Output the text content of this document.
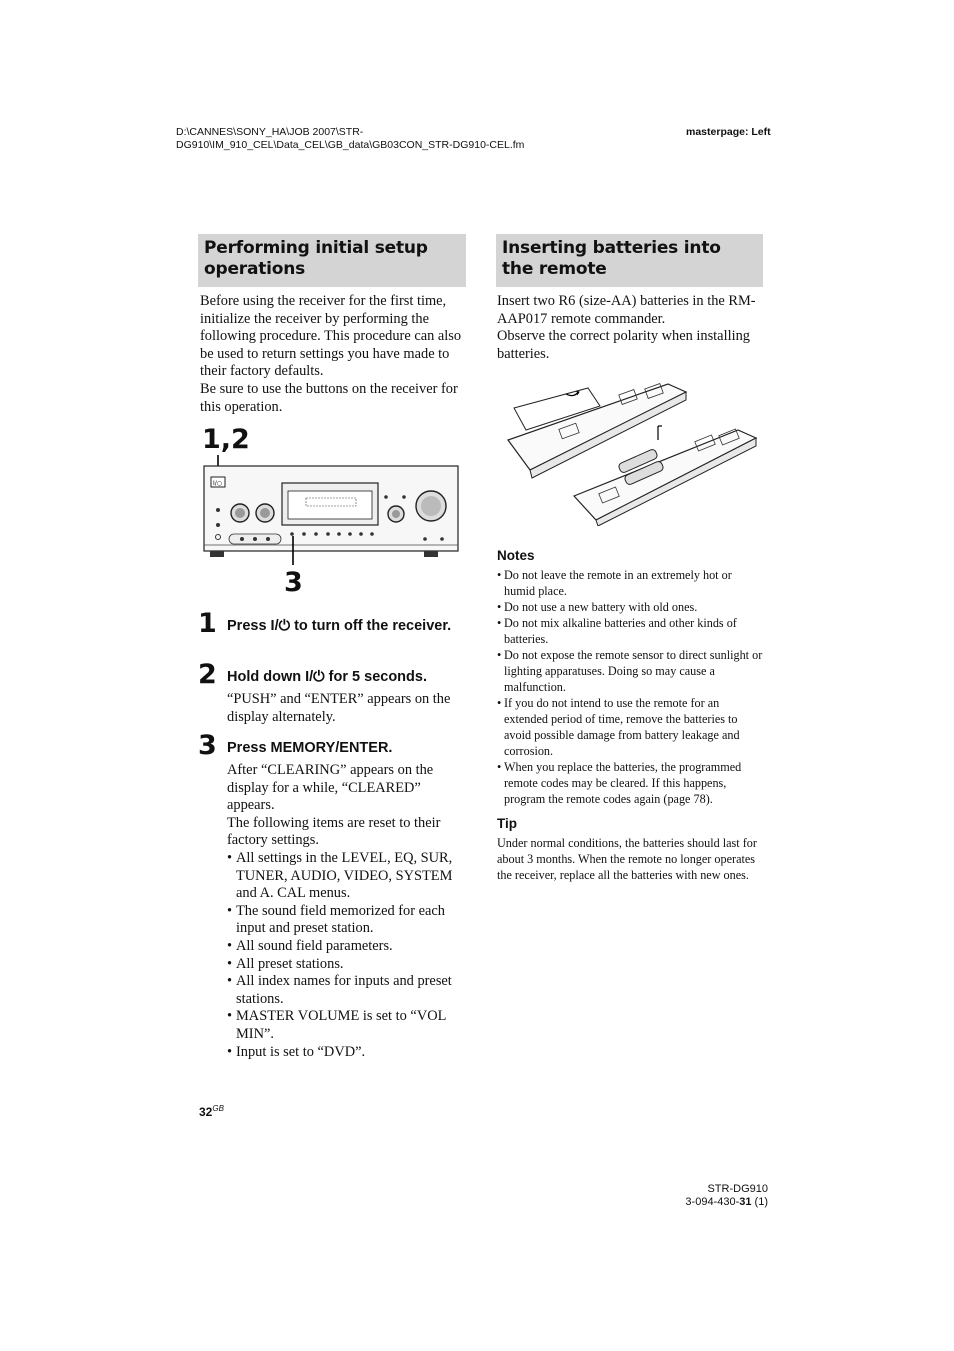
D:\CANNES\SONY_HA\JOB 2007\STR-
DG910\IM_910_CEL\Data_CEL\GB_data\GB03CON_STR-DG910-CEL.fm
masterpage: Left
Performing initial setup operations
Before using the receiver for the first time, initialize the receiver by performing the following procedure. This procedure can also be used to return settings you have made to their factory defaults.
Be sure to use the buttons on the receiver for this operation.
1,2
I/○
3
1 Press I/⏻ to turn off the receiver.
2 Hold down I/⏻ for 5 seconds.
“PUSH” and “ENTER” appears on the display alternately.
3 Press MEMORY/ENTER.
After “CLEARING” appears on the display for a while, “CLEARED” appears.
The following items are reset to their factory settings.
• All settings in the LEVEL, EQ, SUR, TUNER, AUDIO, VIDEO, SYSTEM and A. CAL menus.
• The sound field memorized for each input and preset station.
• All sound field parameters.
• All preset stations.
• All index names for inputs and preset stations.
• MASTER VOLUME is set to “VOL MIN”.
• Input is set to “DVD”.
Inserting batteries into the remote
Insert two R6 (size-AA) batteries in the RM-AAP017 remote commander.
Observe the correct polarity when installing batteries.
Notes
• Do not leave the remote in an extremely hot or humid place.
• Do not use a new battery with old ones.
• Do not mix alkaline batteries and other kinds of batteries.
• Do not expose the remote sensor to direct sunlight or lighting apparatuses. Doing so may cause a malfunction.
• If you do not intend to use the remote for an extended period of time, remove the batteries to avoid possible damage from battery leakage and corrosion.
• When you replace the batteries, the programmed remote codes may be cleared. If this happens, program the remote codes again (page 78).
Tip
Under normal conditions, the batteries should last for about 3 months. When the remote no longer operates the receiver, replace all the batteries with new ones.
$32^{GB}$
STR-DG910
3-094-430-31 (1)
